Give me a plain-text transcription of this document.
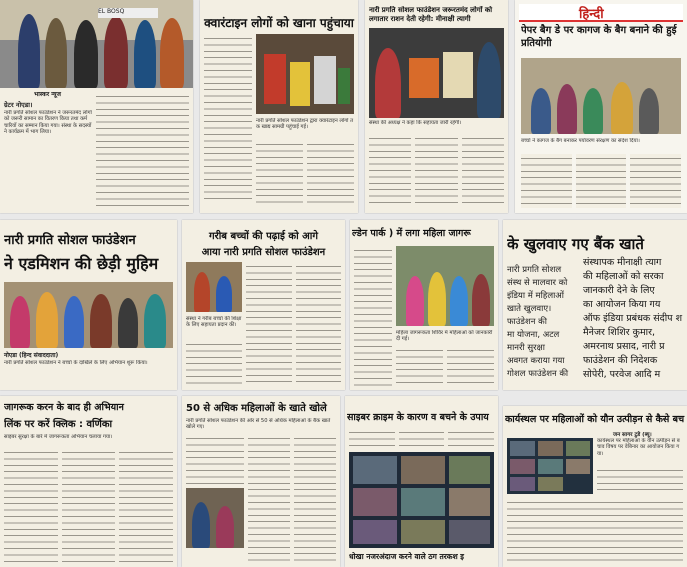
EL BOSQ
भास्कर न्यूज
ग्रेटर नोएडा।
नारी प्रगति सोशल फाउंडेशन ने जरूरतमंद लोगों को जरूरी सामान का वितरण किया तथा कर्मचारियों का सम्मान किया गया। संस्था के सदस्यों ने कार्यक्रम में भाग लिया।
क्वारंटाइन लोगों को खाना पहुंचाया
नारी प्रगति सोशल फाउंडेशन द्वारा क्वारंटाइन लोगों तक खाद्य सामग्री पहुंचाई गई।
नारी प्रगति सोशल फाउंडेशन जरूरतमंद लोगों को लगातार राशन देती रहेगी: मीनाक्षी त्यागी
संस्था की अध्यक्ष ने कहा कि सहायता जारी रहेगी।
हिन्दी
पेपर बैग डे पर कागज के बैग बनाने की हुई प्रतियोगी
बच्चों ने कागज के बैग बनाकर पर्यावरण संरक्षण का संदेश दिया।
नारी प्रगति सोशल फाउंडेशन
ने एडमिशन की छेड़ी मुहिम
नोएडा (हिन्द संवाददाता)
नारी प्रगति सोशल फाउंडेशन ने बच्चों के दाखिले के लिए अभियान शुरू किया।
गरीब बच्चों की पढ़ाई को आगे
आया नारी प्रगति सोशल फाउंडेशन
संस्था ने गरीब बच्चों की शिक्षा के लिए सहायता प्रदान की।
ल्डेन पार्क ) में लगा महिला जागरू
महिला जागरूकता शिविर में महिलाओं को जानकारी दी गई।
के खुलवाए गए बैंक खाते
नारी प्रगति सोशल
संस्थ से मालवार को
इंडिया में महिलाओं
खाते खुलवाए।
फाउंडेशन की
मा योजना, अटल
मानरी सुरक्षा
अवगत कराया गया
गोशल फाउंडेशन की
संस्थापक मीनाक्षी त्याग
की महिलाओं को सरका
जानकारी देने के लिए
का आयोजन किया गय
ऑफ इंडिया प्रबंधक संदीप श
मैनेजर शिशिर कुमार,
अमरनाथ प्रसाद, नारी प्र
फाउंडेशन की निदेशक
सोपेरी, परवेज आदि म
जागरूक करन के बाद ही अभियान
लिंक पर करें क्लिक : वर्णिका
साइबर सुरक्षा के बारे में जागरूकता अभियान चलाया गया।
50 से अधिक महिलाओं के खाते खोले
नारी प्रगति सोशल फाउंडेशन की ओर से 50 से अधिक महिलाओं के बैंक खाते खोले गए।
साइबर क्राइम के कारण व बचने के उपाय
धोखा नजरअंदाज करने वाले ठग तरकश इ
कार्यस्थल पर महिलाओं को यौन उत्पीड़न से कैसे बच
जन सागर टुडे (ब्यू।
कार्यस्थल पर महिलाओं के यौन उत्पीड़न से बचाव विषय पर वेबिनार का आयोजन किया गया।
